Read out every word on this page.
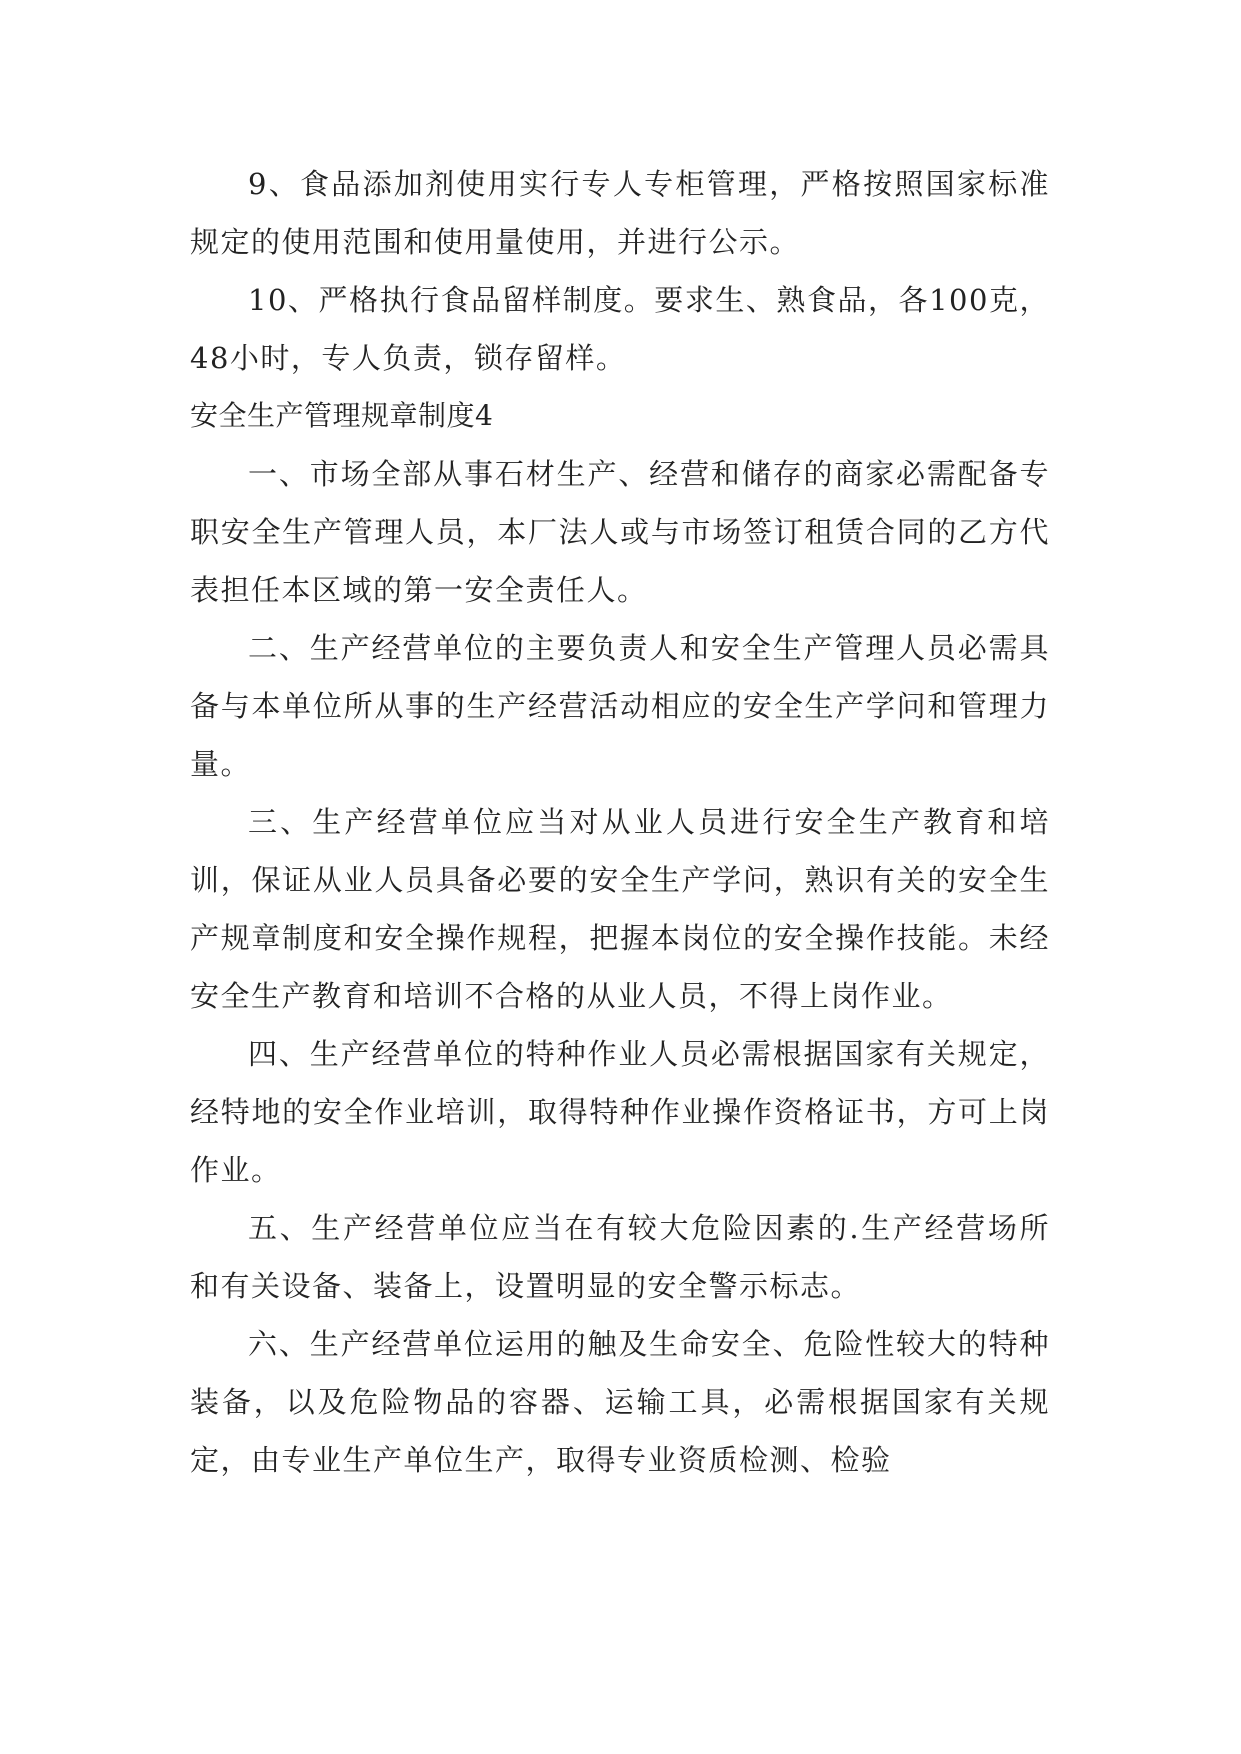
9、食品添加剂使用实行专人专柜管理，严格按照国家标准规定的使用范围和使用量使用，并进行公示。

10、严格执行食品留样制度。要求生、熟食品，各100克，48小时，专人负责，锁存留样。

安全生产管理规章制度4

一、市场全部从事石材生产、经营和储存的商家必需配备专职安全生产管理人员，本厂法人或与市场签订租赁合同的乙方代表担任本区域的第一安全责任人。

二、生产经营单位的主要负责人和安全生产管理人员必需具备与本单位所从事的生产经营活动相应的安全生产学问和管理力量。

三、生产经营单位应当对从业人员进行安全生产教育和培训，保证从业人员具备必要的安全生产学问，熟识有关的安全生产规章制度和安全操作规程，把握本岗位的安全操作技能。未经安全生产教育和培训不合格的从业人员，不得上岗作业。

四、生产经营单位的特种作业人员必需根据国家有关规定，经特地的安全作业培训，取得特种作业操作资格证书，方可上岗作业。

五、生产经营单位应当在有较大危险因素的.生产经营场所和有关设备、装备上，设置明显的安全警示标志。

六、生产经营单位运用的触及生命安全、危险性较大的特种装备，以及危险物品的容器、运输工具，必需根据国家有关规定，由专业生产单位生产，取得专业资质检测、检验
